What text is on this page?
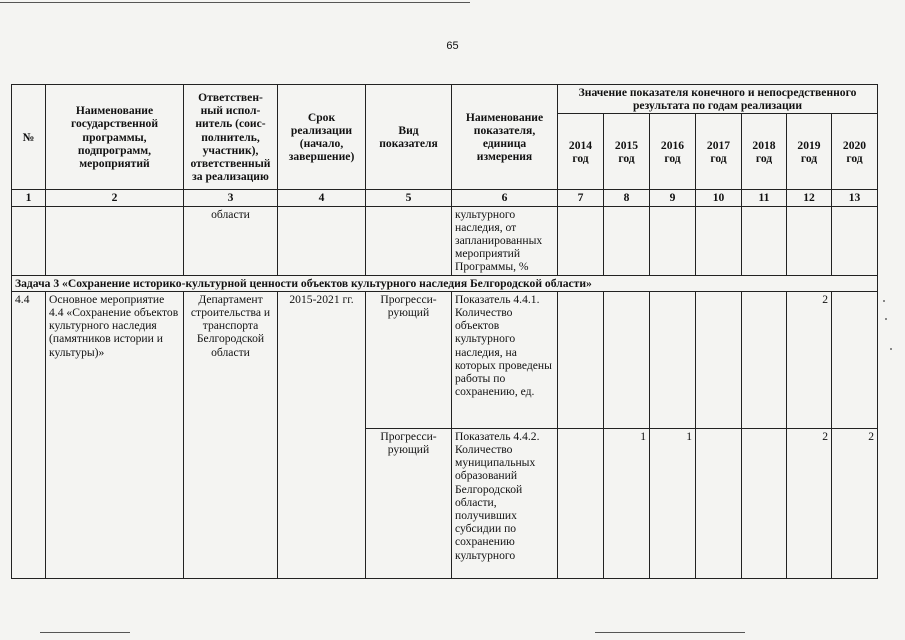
65
№	Наименование государственной программы, подпрограмм, мероприятий	Ответствен-ный испол-нитель (соис-полнитель, участник), ответственный за реализацию	Срок реализации (начало, завершение)	Вид показателя	Наименование показателя, единица измерения	Значение показателя конечного и непосредственного результата по годам реализации						
						2014 год	2015 год	2016 год	2017 год	2018 год	2019 год	2020 год
1	2	3	4	5	6	7	8	9	10	11	12	13
		области			культурного наследия, от запланированных мероприятий Программы, %							
Задача 3 «Сохранение историко-культурной ценности объектов культурного наследия Белгородской области»												
4.4	Основное мероприятие 4.4 «Сохранение объектов культурного наследия (памятников истории и культуры)»	Департамент строительства и транспорта Белгородской области	2015-2021 гг.	Прогресси-рующий	Показатель 4.4.1. Количество объектов культурного наследия, на которых проведены работы по сохранению, ед.						2	
				Прогресси-рующий	Показатель 4.4.2. Количество муниципальных образований Белгородской области, получивших субсидии по сохранению культурного		1	1			2	2
